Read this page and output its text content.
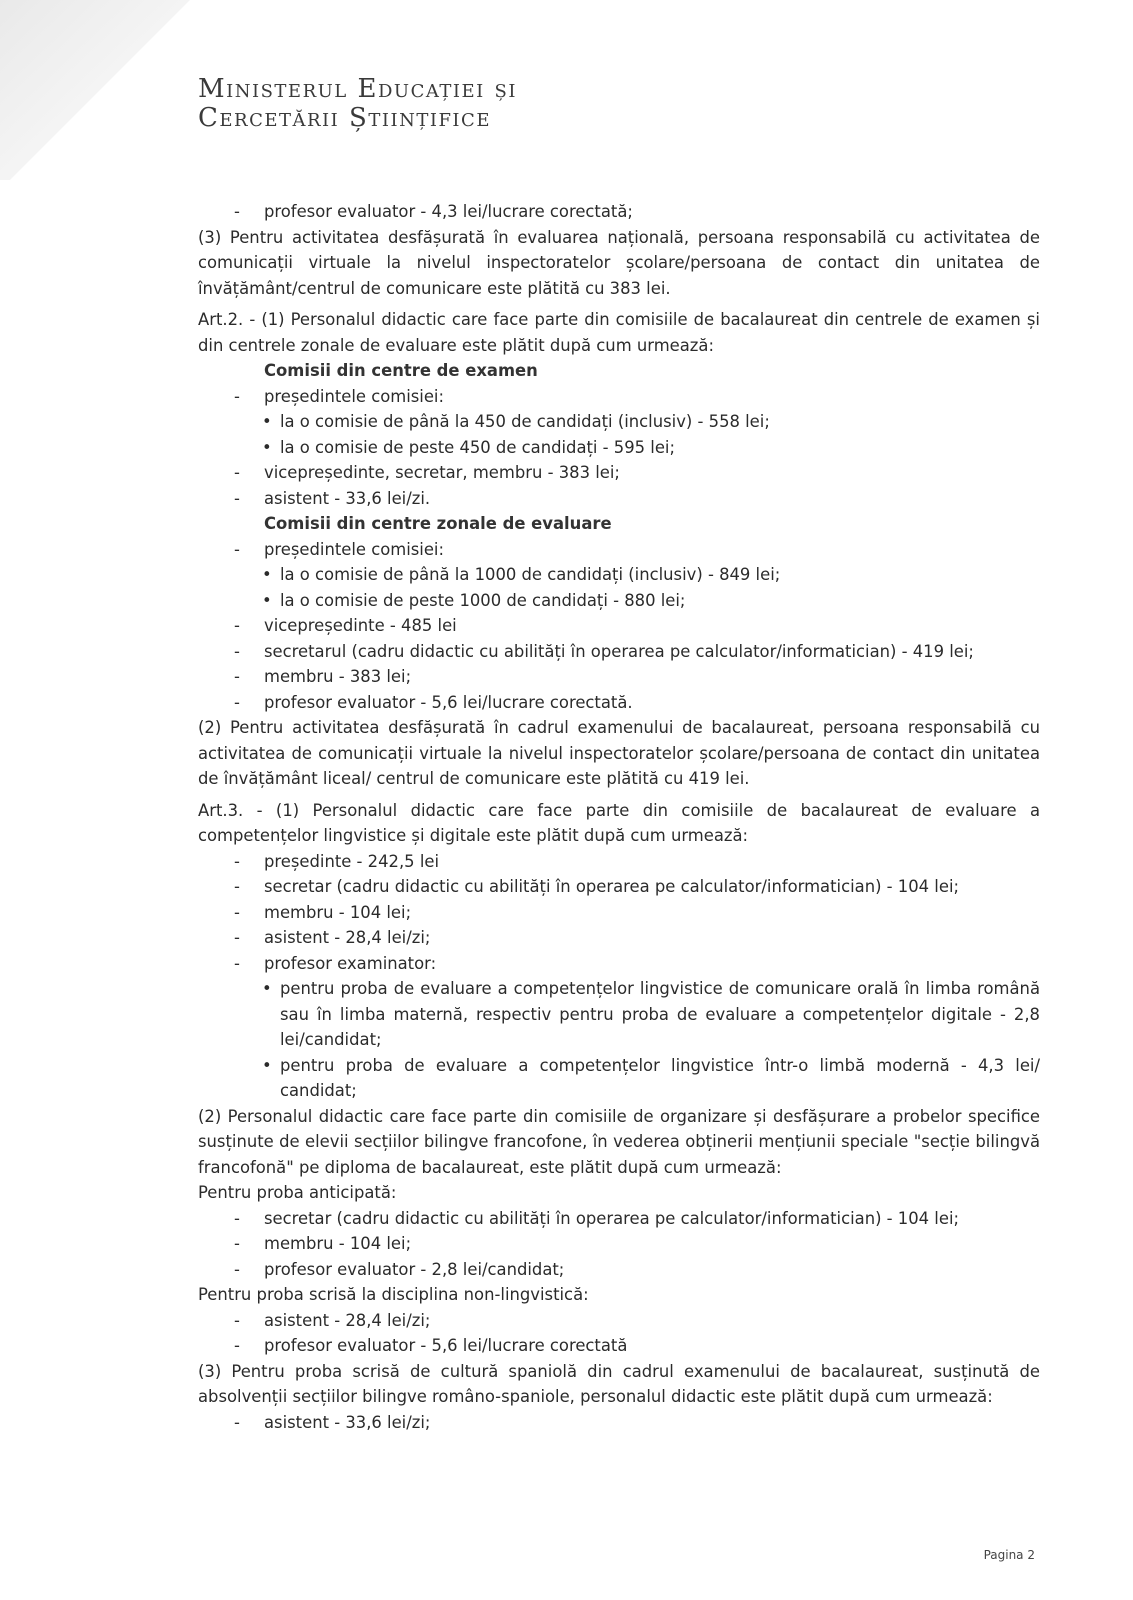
Ministerul Educației și
Cercetării Științifice
- profesor evaluator - 4,3 lei/lucrare corectată;

(3) Pentru activitatea desfășurată în evaluarea națională, persoana responsabilă cu activitatea de comunicații virtuale la nivelul inspectoratelor școlare/persoana de contact din unitatea de învățământ/centrul de comunicare este plătită cu 383 lei.

Art.2. - (1) Personalul didactic care face parte din comisiile de bacalaureat din centrele de examen și din centrele zonale de evaluare este plătit după cum urmează:

Comisii din centre de examen
- președintele comisiei:
• la o comisie de până la 450 de candidați (inclusiv) - 558 lei;
• la o comisie de peste 450 de candidați - 595 lei;
- vicepreședinte, secretar, membru - 383 lei;
- asistent - 33,6 lei/zi.
Comisii din centre zonale de evaluare
- președintele comisiei:
• la o comisie de până la 1000 de candidați (inclusiv) - 849 lei;
• la o comisie de peste 1000 de candidați - 880 lei;
- vicepreședinte - 485 lei
- secretarul (cadru didactic cu abilități în operarea pe calculator/informatician) - 419 lei;
- membru - 383 lei;
- profesor evaluator - 5,6 lei/lucrare corectată.

(2) Pentru activitatea desfășurată în cadrul examenului de bacalaureat, persoana responsabilă cu activitatea de comunicații virtuale la nivelul inspectoratelor școlare/persoana de contact din unitatea de învățământ liceal/ centrul de comunicare este plătită cu 419 lei.

Art.3. - (1) Personalul didactic care face parte din comisiile de bacalaureat de evaluare a competențelor lingvistice și digitale este plătit după cum urmează:

- președinte - 242,5 lei
- secretar (cadru didactic cu abilități în operarea pe calculator/informatician) - 104 lei;
- membru - 104 lei;
- asistent - 28,4 lei/zi;
- profesor examinator:
• pentru proba de evaluare a competențelor lingvistice de comunicare orală în limba română sau în limba maternă, respectiv pentru proba de evaluare a competențelor digitale - 2,8 lei/candidat;
• pentru proba de evaluare a competențelor lingvistice într-o limbă modernă - 4,3 lei/ candidat;

(2) Personalul didactic care face parte din comisiile de organizare și desfășurare a probelor specifice susținute de elevii secțiilor bilingve francofone, în vederea obținerii mențiunii speciale "secție bilingvă francofonă" pe diploma de bacalaureat, este plătit după cum urmează:

Pentru proba anticipată:
- secretar (cadru didactic cu abilități în operarea pe calculator/informatician) - 104 lei;
- membru - 104 lei;
- profesor evaluator - 2,8 lei/candidat;
Pentru proba scrisă la disciplina non-lingvistică:
- asistent - 28,4 lei/zi;
- profesor evaluator - 5,6 lei/lucrare corectată

(3) Pentru proba scrisă de cultură spaniolă din cadrul examenului de bacalaureat, susținută de absolvenții secțiilor bilingve româno-spaniole, personalul didactic este plătit după cum urmează:

- asistent - 33,6 lei/zi;
Pagina 2
